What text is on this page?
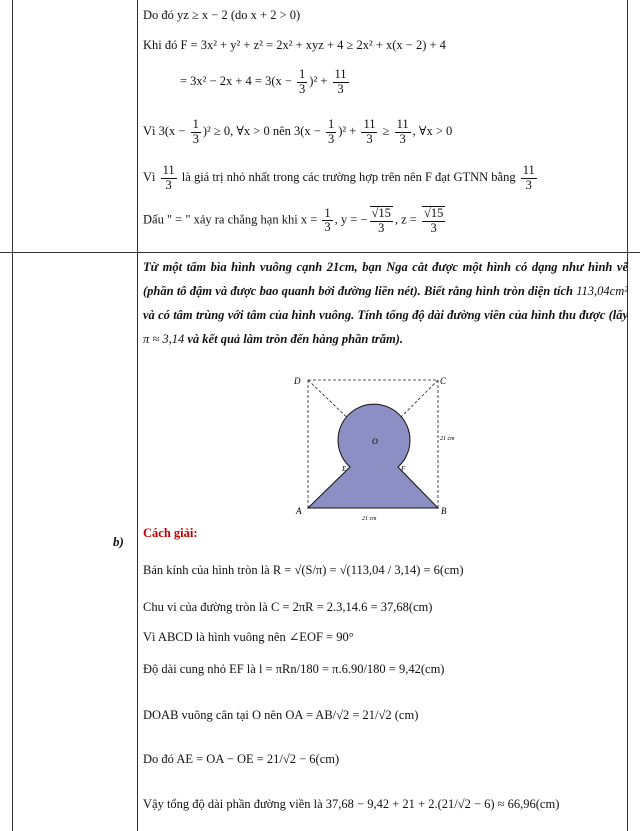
Do đó yz ≥ x − 2 (do x + 2 > 0)
Khi đó F = 3x² + y² + z² = 2x² + xyz + 4 ≥ 2x² + x(x − 2) + 4
= $3x^2 - 2x + 4 = 3(x - \frac{1}{3} )^2 + \frac{11}{3}$
Vì $3(x - \frac{1}{3} )^2 \ge 0$, ∀x > 0 nên $3(x - \frac{1}{3} )^2 + \frac{11}{3} \ge \frac{11}{3}$ , ∀x > 0
Vì $\frac{11}{3}$ là giá trị nhỏ nhất trong các trường hợp trên nên F đạt GTNN bằng $\frac{11}{3}$
Dấu " = " xảy ra chẳng hạn khi $x = \frac{1}{3}$ , y = − $\frac{√15}{3}$ , $z = \frac{√15}{3}$
Từ một tấm bìa hình vuông cạnh 21cm, bạn Nga cắt được một hình có dạng như hình vẽ (phần tô đậm và được bao quanh bởi đường liền nét). Biết rằng hình tròn diện tích 113,04cm² và có tâm trùng với tâm của hình vuông. Tính tổng độ dài đường viền của hình thu được (lấy π ≈ 3,14 và kết quả làm tròn đến hàng phần trăm).
D	C
A	B
O
E	F
21 cm
21 cm
b)
Cách giải:
Bán kính của hình tròn là R = √(S/π) = √(113,04 / 3,14) = 6(cm)
Chu vi của đường tròn là C = 2πR = 2.3,14.6 = 37,68(cm)
Vì ABCD là hình vuông nên ∠EOF = 90°
Độ dài cung nhỏ EF là l = πRn/180 = π.6.90/180 = 9,42(cm)
DOAB vuông cân tại O nên OA = AB/√2 = 21/√2 (cm)
Do đó AE = OA − OE = 21/√2 − 6(cm)
Vậy tổng độ dài phần đường viền là 37,68 − 9,42 + 21 + 2.(21/√2 − 6) ≈ 66,96(cm)
